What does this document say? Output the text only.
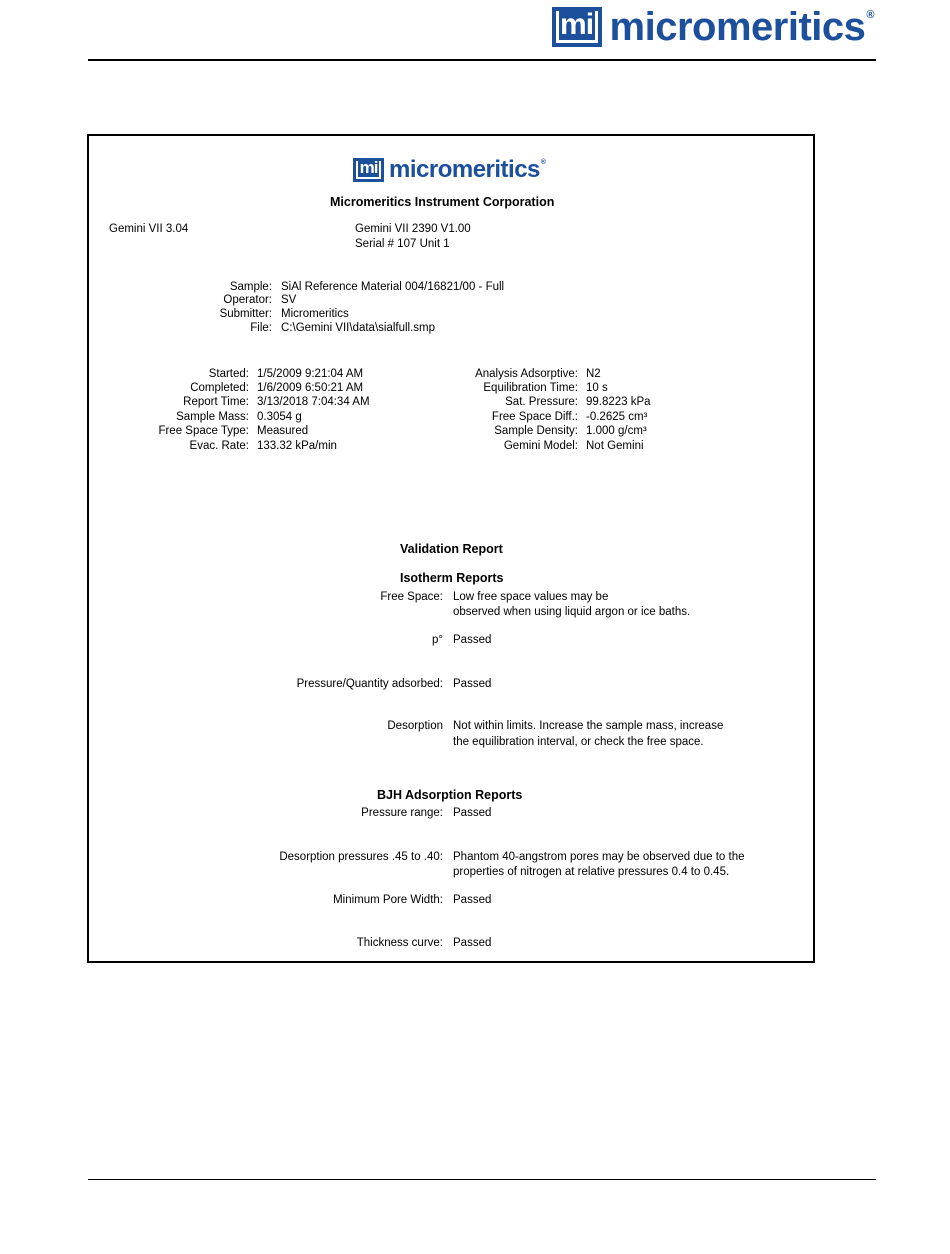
mi micromeritics®
mi micromeritics®
Micromeritics Instrument Corporation
Gemini VII 3.04	Gemini VII 2390 V1.00
Serial # 107 Unit 1
Sample: SiAl Reference Material 004/16821/00 - Full
Operator: SV
Submitter: Micromeritics
File: C:\Gemini VII\data\sialfull.smp
Started: 1/5/2009 9:21:04 AM
Completed: 1/6/2009 6:50:21 AM
Report Time: 3/13/2018 7:04:34 AM
Sample Mass: 0.3054 g
Free Space Type: Measured
Evac. Rate: 133.32 kPa/min
Analysis Adsorptive: N2
Equilibration Time: 10 s
Sat. Pressure: 99.8223 kPa
Free Space Diff.: -0.2625 cm³
Sample Density: 1.000 g/cm³
Gemini Model: Not Gemini
Validation Report
Isotherm Reports
Free Space: Low free space values may be
observed when using liquid argon or ice baths.
p° Passed
Pressure/Quantity adsorbed: Passed
Desorption Not within limits. Increase the sample mass, increase
the equilibration interval, or check the free space.
BJH Adsorption Reports
Pressure range: Passed
Desorption pressures .45 to .40: Phantom 40-angstrom pores may be observed due to the
properties of nitrogen at relative pressures 0.4 to 0.45.
Minimum Pore Width: Passed
Thickness curve: Passed
